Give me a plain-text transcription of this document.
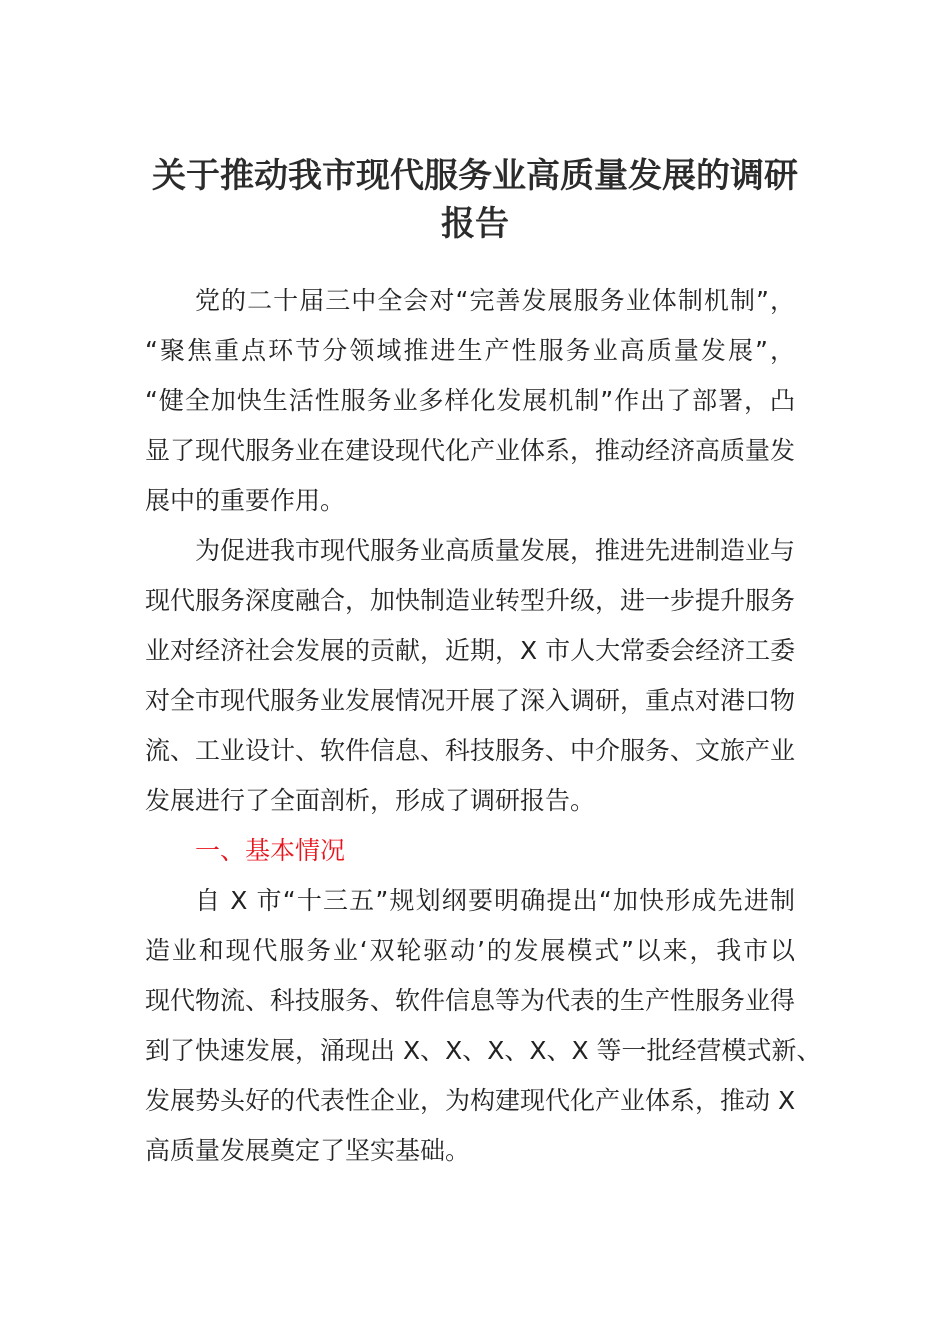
关于推动我市现代服务业高质量发展的调研
报告
党的二十届三中全会对“完善发展服务业体制机制”，
“聚焦重点环节分领域推进生产性服务业高质量发展”，
“健全加快生活性服务业多样化发展机制”作出了部署，凸
显了现代服务业在建设现代化产业体系，推动经济高质量发
展中的重要作用。
为促进我市现代服务业高质量发展，推进先进制造业与
现代服务深度融合，加快制造业转型升级，进一步提升服务
业对经济社会发展的贡献，近期，X 市人大常委会经济工委
对全市现代服务业发展情况开展了深入调研，重点对港口物
流、工业设计、软件信息、科技服务、中介服务、文旅产业
发展进行了全面剖析，形成了调研报告。
一、基本情况
自 X 市“十三五”规划纲要明确提出“加快形成先进制
造业和现代服务业‘双轮驱动’的发展模式”以来，我市以
现代物流、科技服务、软件信息等为代表的生产性服务业得
到了快速发展，涌现出 X、X、X、X、X 等一批经营模式新、
发展势头好的代表性企业，为构建现代化产业体系，推动 X
高质量发展奠定了坚实基础。
